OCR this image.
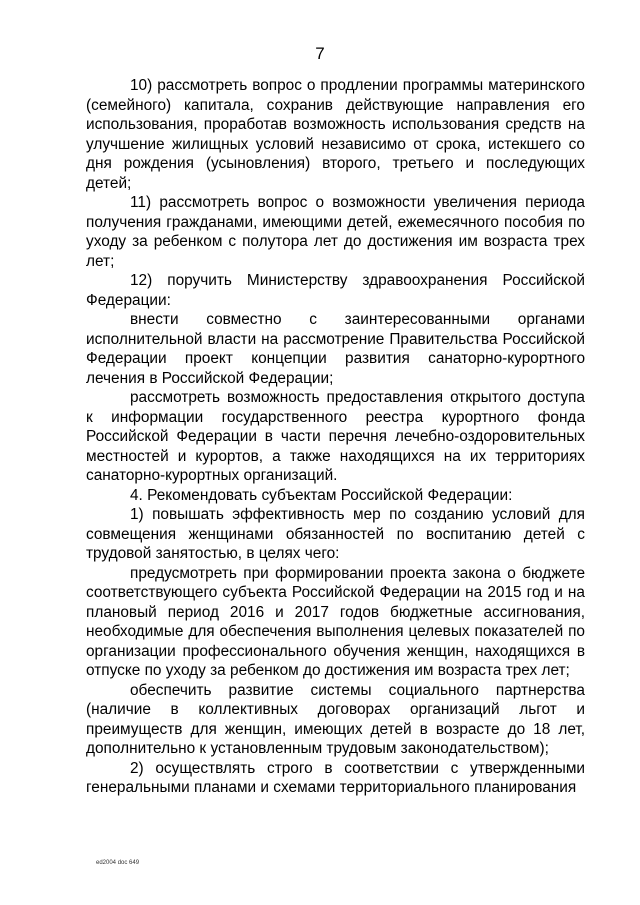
7

10) рассмотреть вопрос о продлении программы материнского (семейного) капитала, сохранив действующие направления его использования, проработав возможность использования средств на улучшение жилищных условий независимо от срока, истекшего со дня рождения (усыновления) второго, третьего и последующих детей;

11) рассмотреть вопрос о возможности увеличения периода получения гражданами, имеющими детей, ежемесячного пособия по уходу за ребенком с полутора лет до достижения им возраста трех лет;

12) поручить Министерству здравоохранения Российской Федерации:

внести совместно с заинтересованными органами исполнительной власти на рассмотрение Правительства Российской Федерации проект концепции развития санаторно-курортного лечения в Российской Федерации;

рассмотреть возможность предоставления открытого доступа к информации государственного реестра курортного фонда Российской Федерации в части перечня лечебно-оздоровительных местностей и курортов, а также находящихся на их территориях санаторно-курортных организаций.

4. Рекомендовать субъектам Российской Федерации:

1) повышать эффективность мер по созданию условий для совмещения женщинами обязанностей по воспитанию детей с трудовой занятостью, в целях чего:

предусмотреть при формировании проекта закона о бюджете соответствующего субъекта Российской Федерации на 2015 год и на плановый период 2016 и 2017 годов бюджетные ассигнования, необходимые для обеспечения выполнения целевых показателей по организации профессионального обучения женщин, находящихся в отпуске по уходу за ребенком до достижения им возраста трех лет;

обеспечить развитие системы социального партнерства (наличие в коллективных договорах организаций льгот и преимуществ для женщин, имеющих детей в возрасте до 18 лет, дополнительно к установленным трудовым законодательством);

2) осуществлять строго в соответствии с утвержденными генеральными планами и схемами территориального планирования

ed2004 doc 649
